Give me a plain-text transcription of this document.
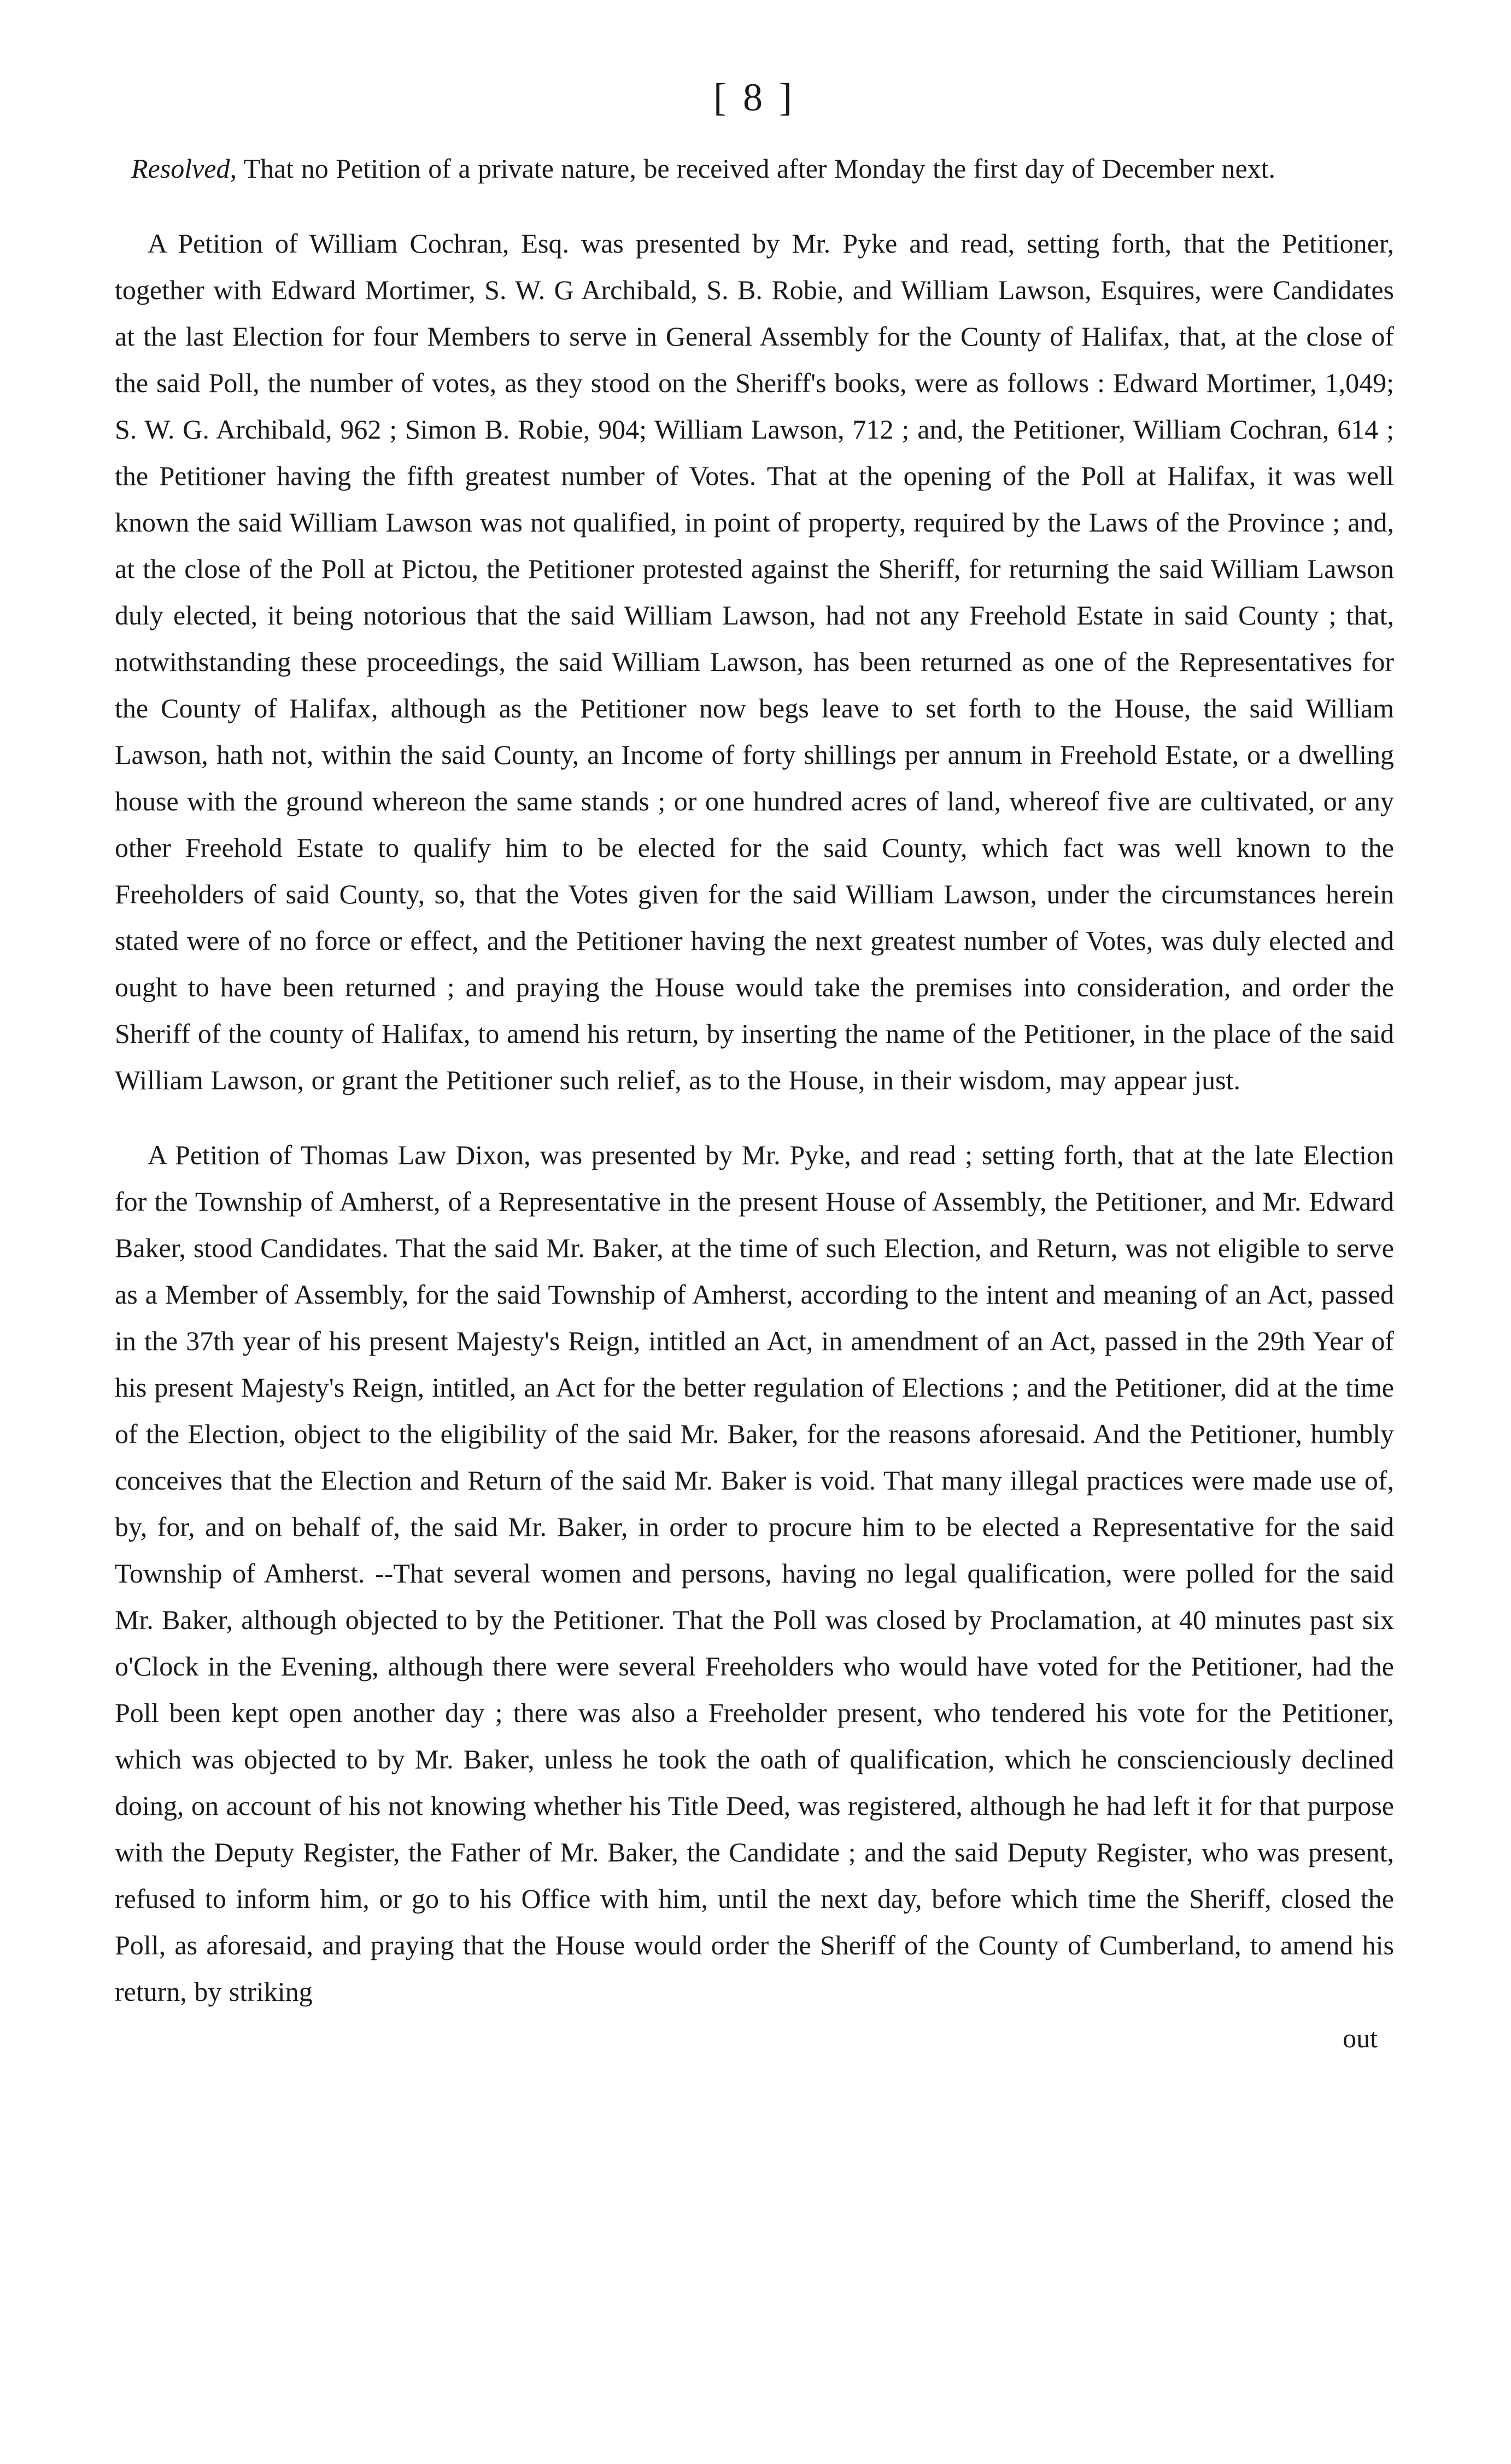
[ 8 ]

Resolved, That no Petition of a private nature, be received after Monday the first day of December next.

A Petition of William Cochran, Esq. was presented by Mr. Pyke and read, setting forth, that the Petitioner, together with Edward Mortimer, S. W. G Archibald, S. B. Robie, and William Lawson, Esquires, were Candidates at the last Election for four Members to serve in General Assembly for the County of Halifax, that, at the close of the said Poll, the number of votes, as they stood on the Sheriff's books, were as follows : Edward Mortimer, 1,049; S. W. G. Archibald, 962 ; Simon B. Robie, 904; William Lawson, 712 ; and, the Petitioner, William Cochran, 614 ; the Petitioner having the fifth greatest number of Votes. That at the opening of the Poll at Halifax, it was well known the said William Lawson was not qualified, in point of property, required by the Laws of the Province ; and, at the close of the Poll at Pictou, the Petitioner protested against the Sheriff, for returning the said William Lawson duly elected, it being notorious that the said William Lawson, had not any Freehold Estate in said County ; that, notwithstanding these proceedings, the said William Lawson, has been returned as one of the Representatives for the County of Halifax, although as the Petitioner now begs leave to set forth to the House, the said William Lawson, hath not, within the said County, an Income of forty shillings per annum in Freehold Estate, or a dwelling house with the ground whereon the same stands ; or one hundred acres of land, whereof five are cultivated, or any other Freehold Estate to qualify him to be elected for the said County, which fact was well known to the Freeholders of said County, so, that the Votes given for the said William Lawson, under the circumstances herein stated were of no force or effect, and the Petitioner having the next greatest number of Votes, was duly elected and ought to have been returned ; and praying the House would take the premises into consideration, and order the Sheriff of the county of Halifax, to amend his return, by inserting the name of the Petitioner, in the place of the said William Lawson, or grant the Petitioner such relief, as to the House, in their wisdom, may appear just.

A Petition of Thomas Law Dixon, was presented by Mr. Pyke, and read ; setting forth, that at the late Election for the Township of Amherst, of a Representative in the present House of Assembly, the Petitioner, and Mr. Edward Baker, stood Candidates. That the said Mr. Baker, at the time of such Election, and Return, was not eligible to serve as a Member of Assembly, for the said Township of Amherst, according to the intent and meaning of an Act, passed in the 37th year of his present Majesty's Reign, intitled an Act, in amendment of an Act, passed in the 29th Year of his present Majesty's Reign, intitled, an Act for the better regulation of Elections ; and the Petitioner, did at the time of the Election, object to the eligibility of the said Mr. Baker, for the reasons aforesaid. And the Petitioner, humbly conceives that the Election and Return of the said Mr. Baker is void. That many illegal practices were made use of, by, for, and on behalf of, the said Mr. Baker, in order to procure him to be elected a Representative for the said Township of Amherst. --That several women and persons, having no legal qualification, were polled for the said Mr. Baker, although objected to by the Petitioner. That the Poll was closed by Proclamation, at 40 minutes past six o'Clock in the Evening, although there were several Freeholders who would have voted for the Petitioner, had the Poll been kept open another day ; there was also a Freeholder present, who tendered his vote for the Petitioner, which was objected to by Mr. Baker, unless he took the oath of qualification, which he conscienciously declined doing, on account of his not knowing whether his Title Deed, was registered, although he had left it for that purpose with the Deputy Register, the Father of Mr. Baker, the Candidate ; and the said Deputy Register, who was present, refused to inform him, or go to his Office with him, until the next day, before which time the Sheriff, closed the Poll, as aforesaid, and praying that the House would order the Sheriff of the County of Cumberland, to amend his return, by striking

out
